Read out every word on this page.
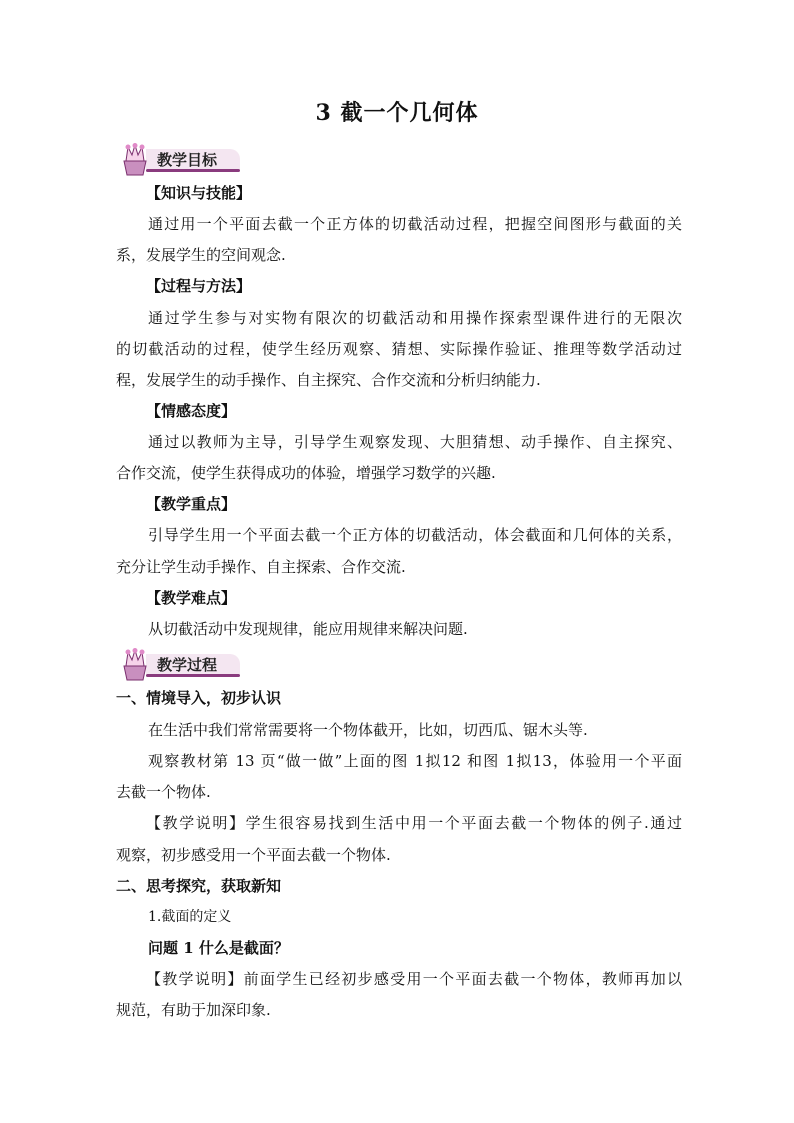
3 截一个几何体
教学目标
【知识与技能】
通过用一个平面去截一个正方体的切截活动过程，把握空间图形与截面的关
系，发展学生的空间观念.
【过程与方法】
通过学生参与对实物有限次的切截活动和用操作探索型课件进行的无限次
的切截活动的过程，使学生经历观察、猜想、实际操作验证、推理等数学活动过
程，发展学生的动手操作、自主探究、合作交流和分析归纳能力.
【情感态度】
通过以教师为主导，引导学生观察发现、大胆猜想、动手操作、自主探究、
合作交流，使学生获得成功的体验，增强学习数学的兴趣.
【教学重点】
引导学生用一个平面去截一个正方体的切截活动，体会截面和几何体的关系，
充分让学生动手操作、自主探索、合作交流.
【教学难点】
从切截活动中发现规律，能应用规律来解决问题.
教学过程
一、情境导入，初步认识
在生活中我们常常需要将一个物体截开，比如，切西瓜、锯木头等.
观察教材第 13 页“做一做”上面的图 1拟12 和图 1拟13，体验用一个平面
去截一个物体.
【教学说明】学生很容易找到生活中用一个平面去截一个物体的例子.通过
观察，初步感受用一个平面去截一个物体.
二、思考探究，获取新知
1.截面的定义
问题 1 什么是截面？
【教学说明】前面学生已经初步感受用一个平面去截一个物体，教师再加以
规范，有助于加深印象.
